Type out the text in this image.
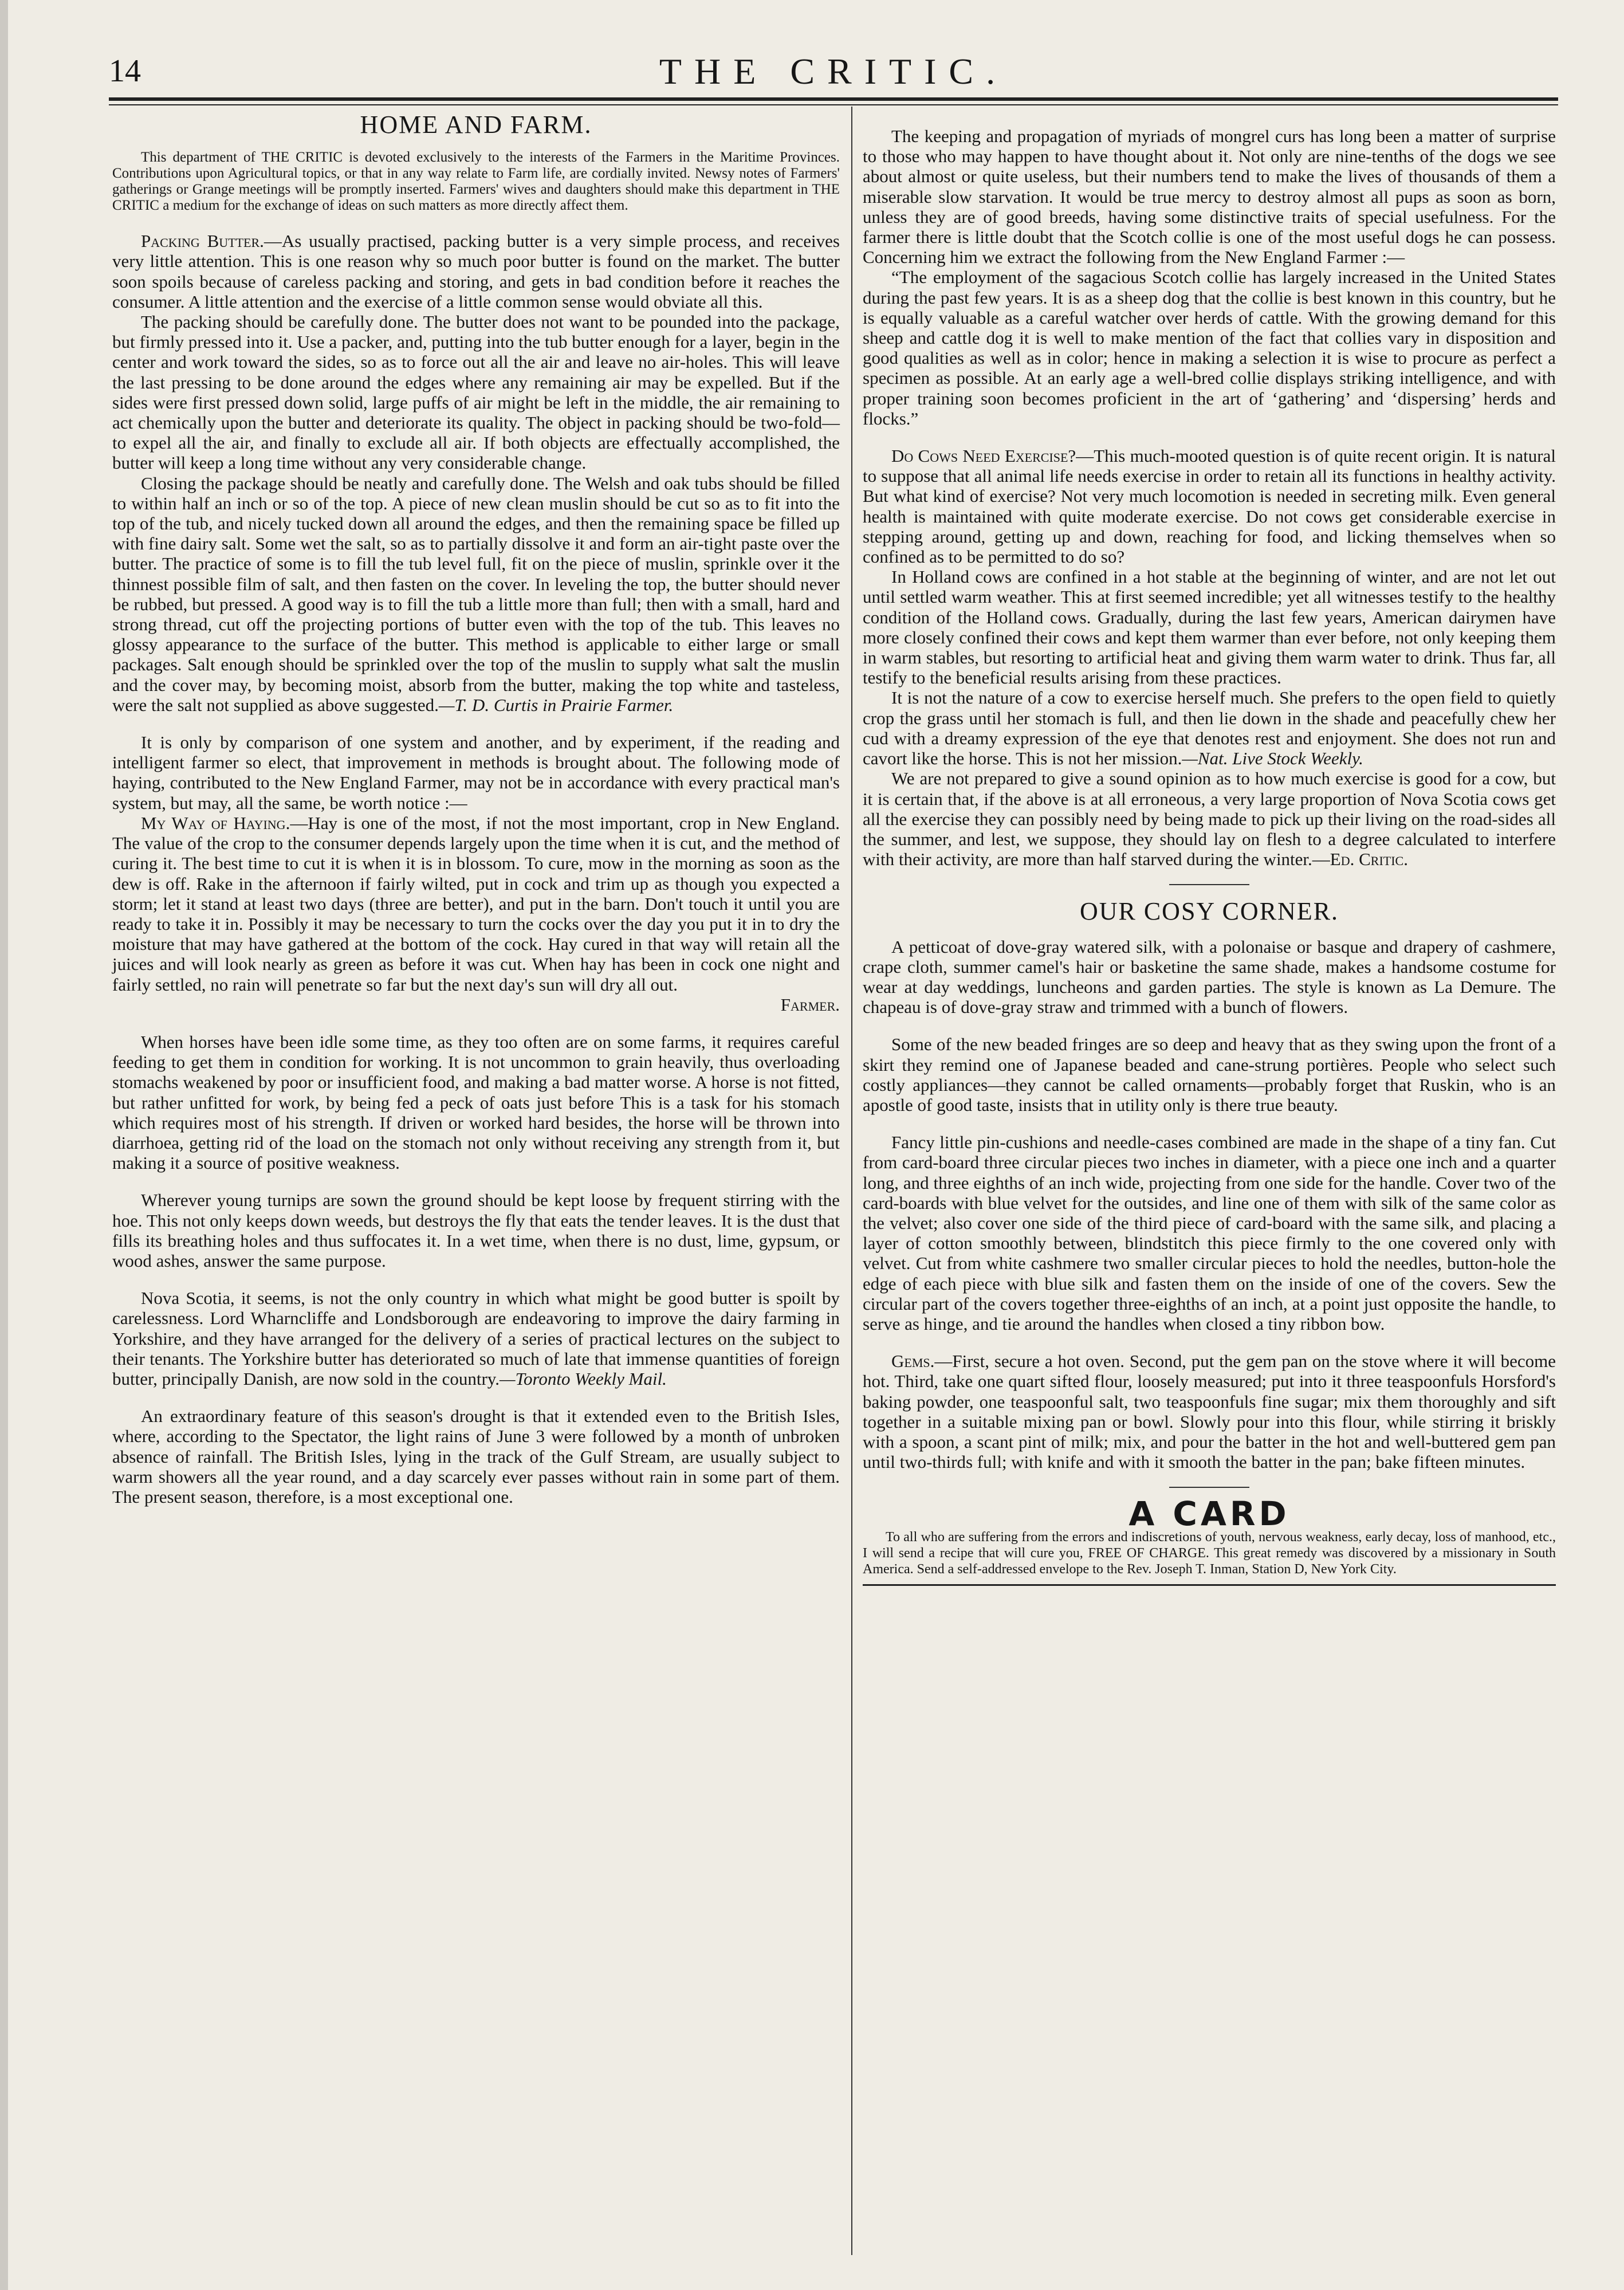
14	THE CRITIC.
HOME AND FARM.

This department of THE CRITIC is devoted exclusively to the interests of the Farmers in the Maritime Provinces. Contributions upon Agricultural topics, or that in any way relate to Farm life, are cordially invited. Newsy notes of Farmers' gatherings or Grange meetings will be promptly inserted. Farmers' wives and daughters should make this department in THE CRITIC a medium for the exchange of ideas on such matters as more directly affect them.

Packing Butter.—As usually practised, packing butter is a very simple process, and receives very little attention. This is one reason why so much poor butter is found on the market. The butter soon spoils because of careless packing and storing, and gets in bad condition before it reaches the consumer. A little attention and the exercise of a little common sense would obviate all this.

The packing should be carefully done. The butter does not want to be pounded into the package, but firmly pressed into it. Use a packer, and, putting into the tub butter enough for a layer, begin in the center and work toward the sides, so as to force out all the air and leave no air-holes. This will leave the last pressing to be done around the edges where any remaining air may be expelled. But if the sides were first pressed down solid, large puffs of air might be left in the middle, the air remaining to act chemically upon the butter and deteriorate its quality. The object in packing should be two-fold—to expel all the air, and finally to exclude all air. If both objects are effectually accomplished, the butter will keep a long time without any very considerable change.

Closing the package should be neatly and carefully done. The Welsh and oak tubs should be filled to within half an inch or so of the top. A piece of new clean muslin should be cut so as to fit into the top of the tub, and nicely tucked down all around the edges, and then the remaining space be filled up with fine dairy salt. Some wet the salt, so as to partially dissolve it and form an air-tight paste over the butter. The practice of some is to fill the tub level full, fit on the piece of muslin, sprinkle over it the thinnest possible film of salt, and then fasten on the cover. In leveling the top, the butter should never be rubbed, but pressed. A good way is to fill the tub a little more than full; then with a small, hard and strong thread, cut off the projecting portions of butter even with the top of the tub. This leaves no glossy appearance to the surface of the butter. This method is applicable to either large or small packages. Salt enough should be sprinkled over the top of the muslin to supply what salt the muslin and the cover may, by becoming moist, absorb from the butter, making the top white and tasteless, were the salt not supplied as above suggested.—T. D. Curtis in Prairie Farmer.

It is only by comparison of one system and another, and by experiment, if the reading and intelligent farmer so elect, that improvement in methods is brought about. The following mode of haying, contributed to the New England Farmer, may not be in accordance with every practical man's system, but may, all the same, be worth notice :—

My Way of Haying.—Hay is one of the most, if not the most important, crop in New England. The value of the crop to the consumer depends largely upon the time when it is cut, and the method of curing it. The best time to cut it is when it is in blossom. To cure, mow in the morning as soon as the dew is off. Rake in the afternoon if fairly wilted, put in cock and trim up as though you expected a storm; let it stand at least two days (three are better), and put in the barn. Don't touch it until you are ready to take it in. Possibly it may be necessary to turn the cocks over the day you put it in to dry the moisture that may have gathered at the bottom of the cock. Hay cured in that way will retain all the juices and will look nearly as green as before it was cut. When hay has been in cock one night and fairly settled, no rain will penetrate so far but the next day's sun will dry all out.

Farmer.

When horses have been idle some time, as they too often are on some farms, it requires careful feeding to get them in condition for working. It is not uncommon to grain heavily, thus overloading stomachs weakened by poor or insufficient food, and making a bad matter worse. A horse is not fitted, but rather unfitted for work, by being fed a peck of oats just before This is a task for his stomach which requires most of his strength. If driven or worked hard besides, the horse will be thrown into diarrhoea, getting rid of the load on the stomach not only without receiving any strength from it, but making it a source of positive weakness.

Wherever young turnips are sown the ground should be kept loose by frequent stirring with the hoe. This not only keeps down weeds, but destroys the fly that eats the tender leaves. It is the dust that fills its breathing holes and thus suffocates it. In a wet time, when there is no dust, lime, gypsum, or wood ashes, answer the same purpose.

Nova Scotia, it seems, is not the only country in which what might be good butter is spoilt by carelessness. Lord Wharncliffe and Londsborough are endeavoring to improve the dairy farming in Yorkshire, and they have arranged for the delivery of a series of practical lectures on the subject to their tenants. The Yorkshire butter has deteriorated so much of late that immense quantities of foreign butter, principally Danish, are now sold in the country.—Toronto Weekly Mail.

An extraordinary feature of this season's drought is that it extended even to the British Isles, where, according to the Spectator, the light rains of June 3 were followed by a month of unbroken absence of rainfall. The British Isles, lying in the track of the Gulf Stream, are usually subject to warm showers all the year round, and a day scarcely ever passes without rain in some part of them. The present season, therefore, is a most exceptional one.

The keeping and propagation of myriads of mongrel curs has long been a matter of surprise to those who may happen to have thought about it. Not only are nine-tenths of the dogs we see about almost or quite useless, but their numbers tend to make the lives of thousands of them a miserable slow starvation. It would be true mercy to destroy almost all pups as soon as born, unless they are of good breeds, having some distinctive traits of special usefulness. For the farmer there is little doubt that the Scotch collie is one of the most useful dogs he can possess. Concerning him we extract the following from the New England Farmer :—

“The employment of the sagacious Scotch collie has largely increased in the United States during the past few years. It is as a sheep dog that the collie is best known in this country, but he is equally valuable as a careful watcher over herds of cattle. With the growing demand for this sheep and cattle dog it is well to make mention of the fact that collies vary in disposition and good qualities as well as in color; hence in making a selection it is wise to procure as perfect a specimen as possible. At an early age a well-bred collie displays striking intelligence, and with proper training soon becomes proficient in the art of ‘gathering’ and ‘dispersing’ herds and flocks.”

Do Cows Need Exercise?—This much-mooted question is of quite recent origin. It is natural to suppose that all animal life needs exercise in order to retain all its functions in healthy activity. But what kind of exercise? Not very much locomotion is needed in secreting milk. Even general health is maintained with quite moderate exercise. Do not cows get considerable exercise in stepping around, getting up and down, reaching for food, and licking themselves when so confined as to be permitted to do so?

In Holland cows are confined in a hot stable at the beginning of winter, and are not let out until settled warm weather. This at first seemed incredible; yet all witnesses testify to the healthy condition of the Holland cows. Gradually, during the last few years, American dairymen have more closely confined their cows and kept them warmer than ever before, not only keeping them in warm stables, but resorting to artificial heat and giving them warm water to drink. Thus far, all testify to the beneficial results arising from these practices.

It is not the nature of a cow to exercise herself much. She prefers to the open field to quietly crop the grass until her stomach is full, and then lie down in the shade and peacefully chew her cud with a dreamy expression of the eye that denotes rest and enjoyment. She does not run and cavort like the horse. This is not her mission.—Nat. Live Stock Weekly.

We are not prepared to give a sound opinion as to how much exercise is good for a cow, but it is certain that, if the above is at all erroneous, a very large proportion of Nova Scotia cows get all the exercise they can possibly need by being made to pick up their living on the road-sides all the summer, and lest, we suppose, they should lay on flesh to a degree calculated to interfere with their activity, are more than half starved during the winter.—Ed. Critic.

OUR COSY CORNER.

A petticoat of dove-gray watered silk, with a polonaise or basque and drapery of cashmere, crape cloth, summer camel's hair or basketine the same shade, makes a handsome costume for wear at day weddings, luncheons and garden parties. The style is known as La Demure. The chapeau is of dove-gray straw and trimmed with a bunch of flowers.

Some of the new beaded fringes are so deep and heavy that as they swing upon the front of a skirt they remind one of Japanese beaded and cane-strung portières. People who select such costly appliances—they cannot be called ornaments—probably forget that Ruskin, who is an apostle of good taste, insists that in utility only is there true beauty.

Fancy little pin-cushions and needle-cases combined are made in the shape of a tiny fan. Cut from card-board three circular pieces two inches in diameter, with a piece one inch and a quarter long, and three eighths of an inch wide, projecting from one side for the handle. Cover two of the card-boards with blue velvet for the outsides, and line one of them with silk of the same color as the velvet; also cover one side of the third piece of card-board with the same silk, and placing a layer of cotton smoothly between, blindstitch this piece firmly to the one covered only with velvet. Cut from white cashmere two smaller circular pieces to hold the needles, button-hole the edge of each piece with blue silk and fasten them on the inside of one of the covers. Sew the circular part of the covers together three-eighths of an inch, at a point just opposite the handle, to serve as hinge, and tie around the handles when closed a tiny ribbon bow.

Gems.—First, secure a hot oven. Second, put the gem pan on the stove where it will become hot. Third, take one quart sifted flour, loosely measured; put into it three teaspoonfuls Horsford's baking powder, one teaspoonful salt, two teaspoonfuls fine sugar; mix them thoroughly and sift together in a suitable mixing pan or bowl. Slowly pour into this flour, while stirring it briskly with a spoon, a scant pint of milk; mix, and pour the batter in the hot and well-buttered gem pan until two-thirds full; with knife and with it smooth the batter in the pan; bake fifteen minutes.

A CARD

To all who are suffering from the errors and indiscretions of youth, nervous weakness, early decay, loss of manhood, etc., I will send a recipe that will cure you, FREE OF CHARGE. This great remedy was discovered by a missionary in South America. Send a self-addressed envelope to the Rev. Joseph T. Inman, Station D, New York City.
